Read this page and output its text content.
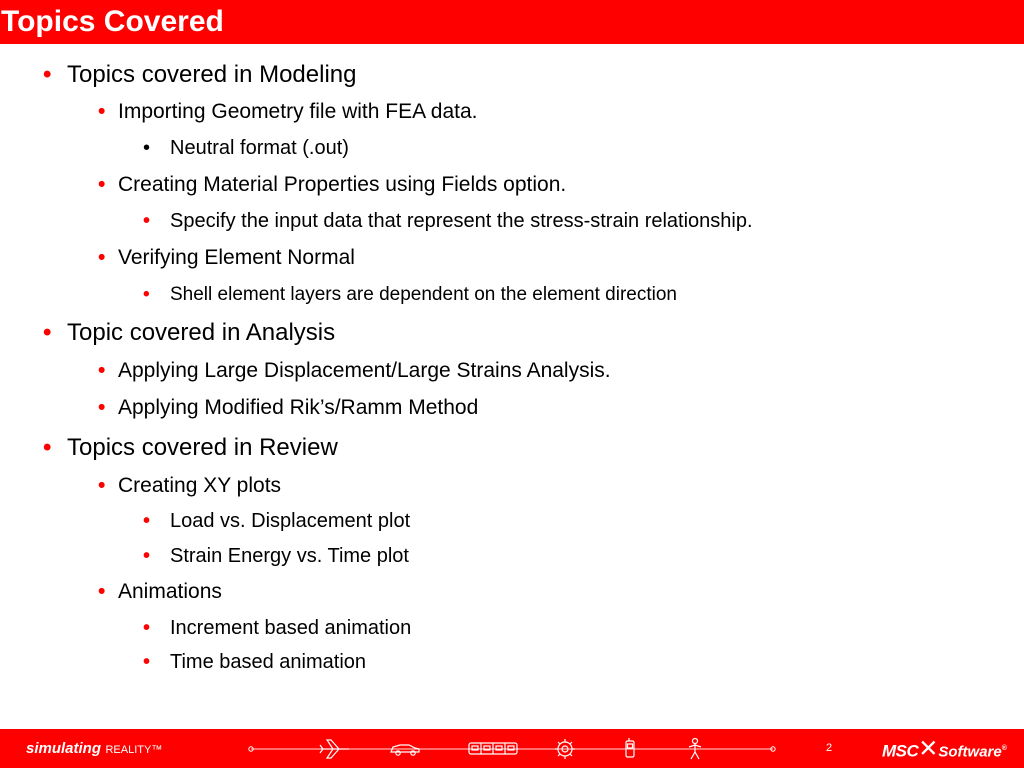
Topics Covered
• Topics covered in Modeling
• Importing Geometry file with FEA data.
• Neutral format (.out)
• Creating Material Properties using Fields option.
• Specify the input data that represent the stress-strain relationship.
• Verifying Element Normal
• Shell element layers are dependent on the element direction
• Topic covered in Analysis
• Applying Large Displacement/Large Strains Analysis.
• Applying Modified Rik’s/Ramm Method
• Topics covered in Review
• Creating XY plots
• Load vs. Displacement plot
• Strain Energy vs. Time plot
• Animations
• Increment based animation
• Time based animation
simulating REALITY™	2	MSC✕Software®
